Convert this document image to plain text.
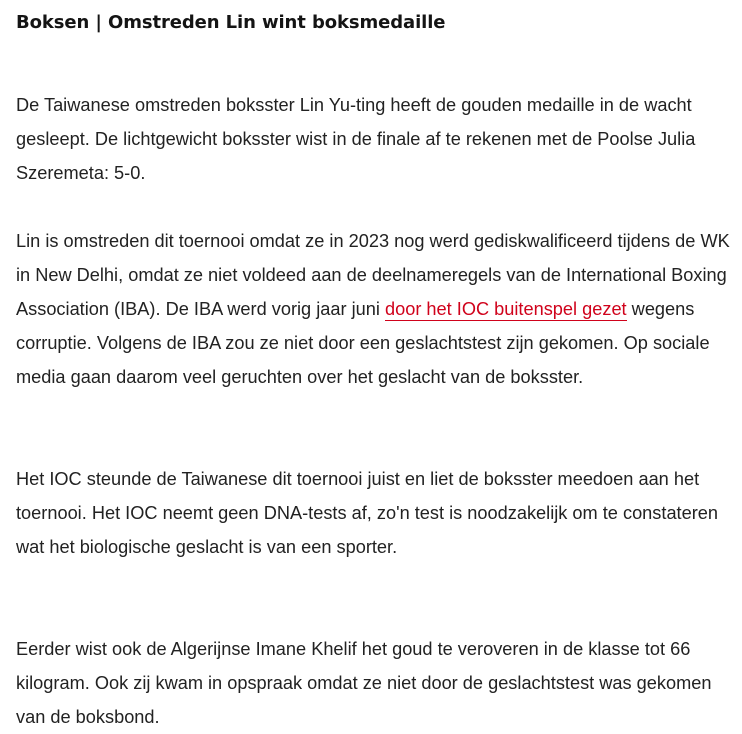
Boksen | Omstreden Lin wint boksmedaille

De Taiwanese omstreden boksster Lin Yu-ting heeft de gouden medaille in de wacht gesleept. De lichtgewicht boksster wist in de finale af te rekenen met de Poolse Julia Szeremeta: 5-0.

Lin is omstreden dit toernooi omdat ze in 2023 nog werd gediskwalificeerd tijdens de WK in New Delhi, omdat ze niet voldeed aan de deelnameregels van de International Boxing Association (IBA). De IBA werd vorig jaar juni door het IOC buitenspel gezet wegens corruptie. Volgens de IBA zou ze niet door een geslachtstest zijn gekomen. Op sociale media gaan daarom veel geruchten over het geslacht van de boksster.

Het IOC steunde de Taiwanese dit toernooi juist en liet de boksster meedoen aan het toernooi. Het IOC neemt geen DNA-tests af, zo'n test is noodzakelijk om te constateren wat het biologische geslacht is van een sporter.

Eerder wist ook de Algerijnse Imane Khelif het goud te veroveren in de klasse tot 66 kilogram. Ook zij kwam in opspraak omdat ze niet door de geslachtstest was gekomen van de boksbond.
